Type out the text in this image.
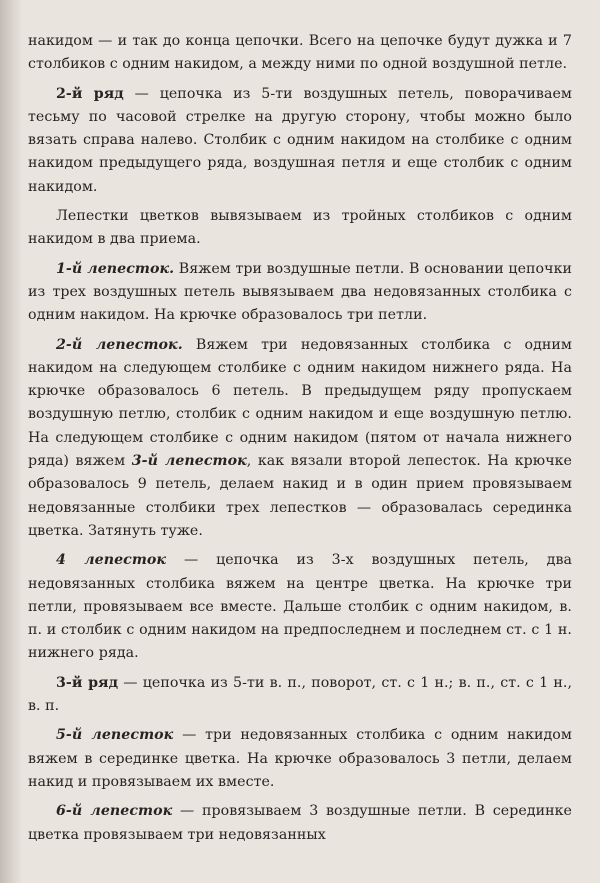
накидом — и так до конца цепочки. Всего на цепочке будут дужка и 7 столбиков с одним накидом, а между ними по одной воздушной петле.

2-й ряд — цепочка из 5-ти воздушных петель, поворачиваем тесьму по часовой стрелке на другую сторону, чтобы можно было вязать справа налево. Столбик с одним накидом на столбике с одним накидом предыдущего ряда, воздушная петля и еще столбик с одним накидом.

Лепестки цветков вывязываем из тройных столбиков с одним накидом в два приема.

1-й лепесток. Вяжем три воздушные петли. В основании цепочки из трех воздушных петель вывязываем два недовязанных столбика с одним накидом. На крючке образовалось три петли.

2-й лепесток. Вяжем три недовязанных столбика с одним накидом на следующем столбике с одним накидом нижнего ряда. На крючке образовалось 6 петель. В предыдущем ряду пропускаем воздушную петлю, столбик с одним накидом и еще воздушную петлю. На следующем столбике с одним накидом (пятом от начала нижнего ряда) вяжем 3-й лепесток, как вязали второй лепесток. На крючке образовалось 9 петель, делаем накид и в один прием провязываем недовязанные столбики трех лепестков — образовалась серединка цветка. Затянуть туже.

4 лепесток — цепочка из 3-х воздушных петель, два недовязанных столбика вяжем на центре цветка. На крючке три петли, провязываем все вместе. Дальше столбик с одним накидом, в. п. и столбик с одним накидом на предпоследнем и последнем ст. с 1 н. нижнего ряда.

3-й ряд — цепочка из 5-ти в. п., поворот, ст. с 1 н.; в. п., ст. с 1 н., в. п.

5-й лепесток — три недовязанных столбика с одним накидом вяжем в серединке цветка. На крючке образовалось 3 петли, делаем накид и провязываем их вместе.

6-й лепесток — провязываем 3 воздушные петли. В серединке цветка провязываем три недовязанных
